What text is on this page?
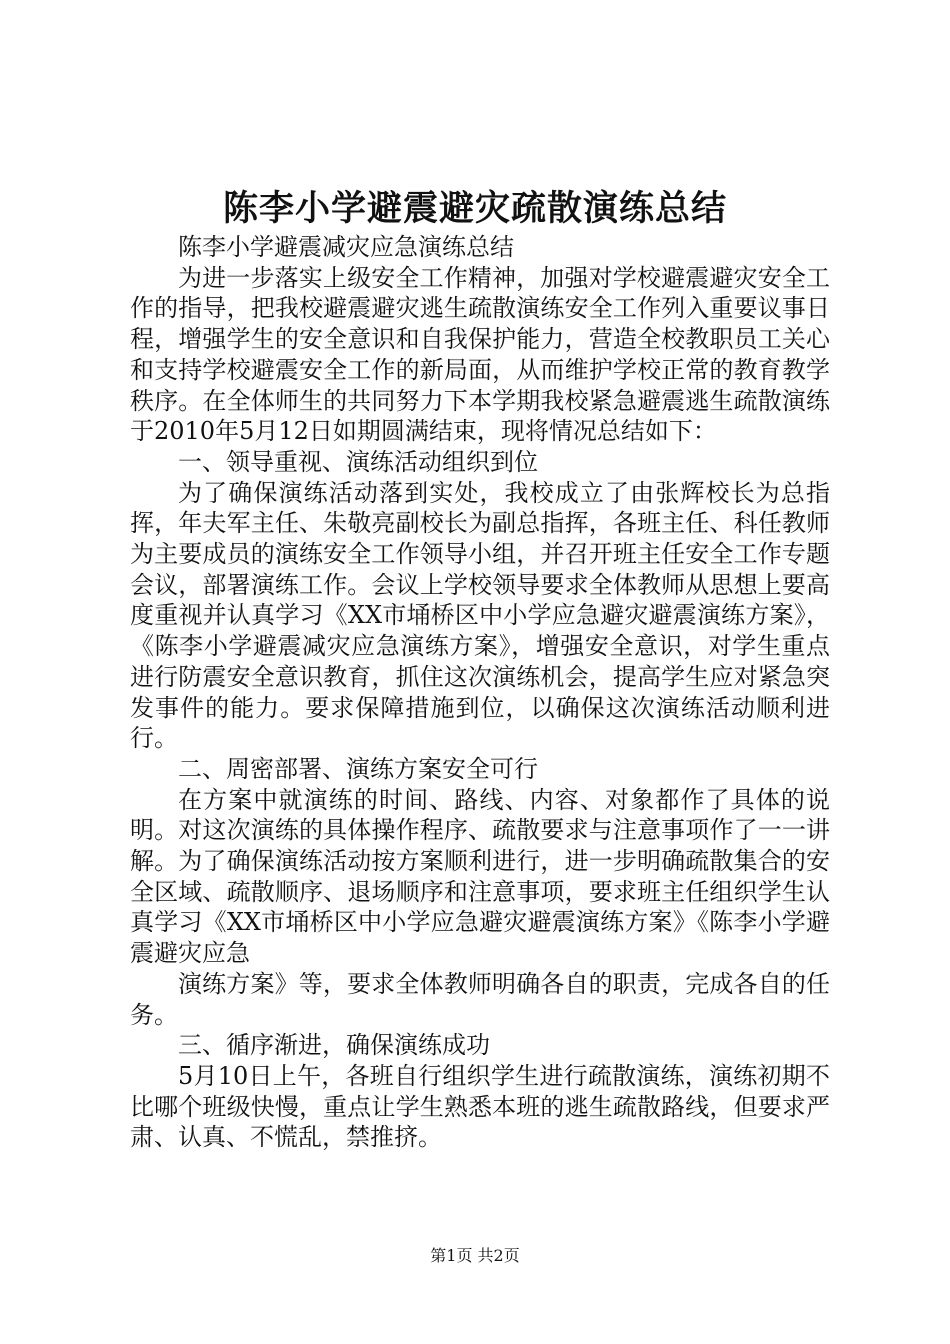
陈李小学避震避灾疏散演练总结

陈李小学避震减灾应急演练总结

为进一步落实上级安全工作精神，加强对学校避震避灾安全工作的指导，把我校避震避灾逃生疏散演练安全工作列入重要议事日程，增强学生的安全意识和自我保护能力，营造全校教职员工关心和支持学校避震安全工作的新局面，从而维护学校正常的教育教学秩序。在全体师生的共同努力下本学期我校紧急避震逃生疏散演练于2010年5月12日如期圆满结束，现将情况总结如下：

一、领导重视、演练活动组织到位

为了确保演练活动落到实处，我校成立了由张辉校长为总指挥，年夫军主任、朱敬亮副校长为副总指挥，各班主任、科任教师为主要成员的演练安全工作领导小组，并召开班主任安全工作专题会议，部署演练工作。会议上学校领导要求全体教师从思想上要高度重视并认真学习《XX市埇桥区中小学应急避灾避震演练方案》，《陈李小学避震减灾应急演练方案》，增强安全意识，对学生重点进行防震安全意识教育，抓住这次演练机会，提高学生应对紧急突发事件的能力。要求保障措施到位，以确保这次演练活动顺利进行。

二、周密部署、演练方案安全可行

在方案中就演练的时间、路线、内容、对象都作了具体的说明。对这次演练的具体操作程序、疏散要求与注意事项作了一一讲解。为了确保演练活动按方案顺利进行，进一步明确疏散集合的安全区域、疏散顺序、退场顺序和注意事项，要求班主任组织学生认真学习《XX市埇桥区中小学应急避灾避震演练方案》《陈李小学避震避灾应急

演练方案》等，要求全体教师明确各自的职责，完成各自的任务。

三、循序渐进，确保演练成功

5月10日上午，各班自行组织学生进行疏散演练，演练初期不比哪个班级快慢，重点让学生熟悉本班的逃生疏散路线，但要求严肃、认真、不慌乱，禁推挤。

第1页 共2页
